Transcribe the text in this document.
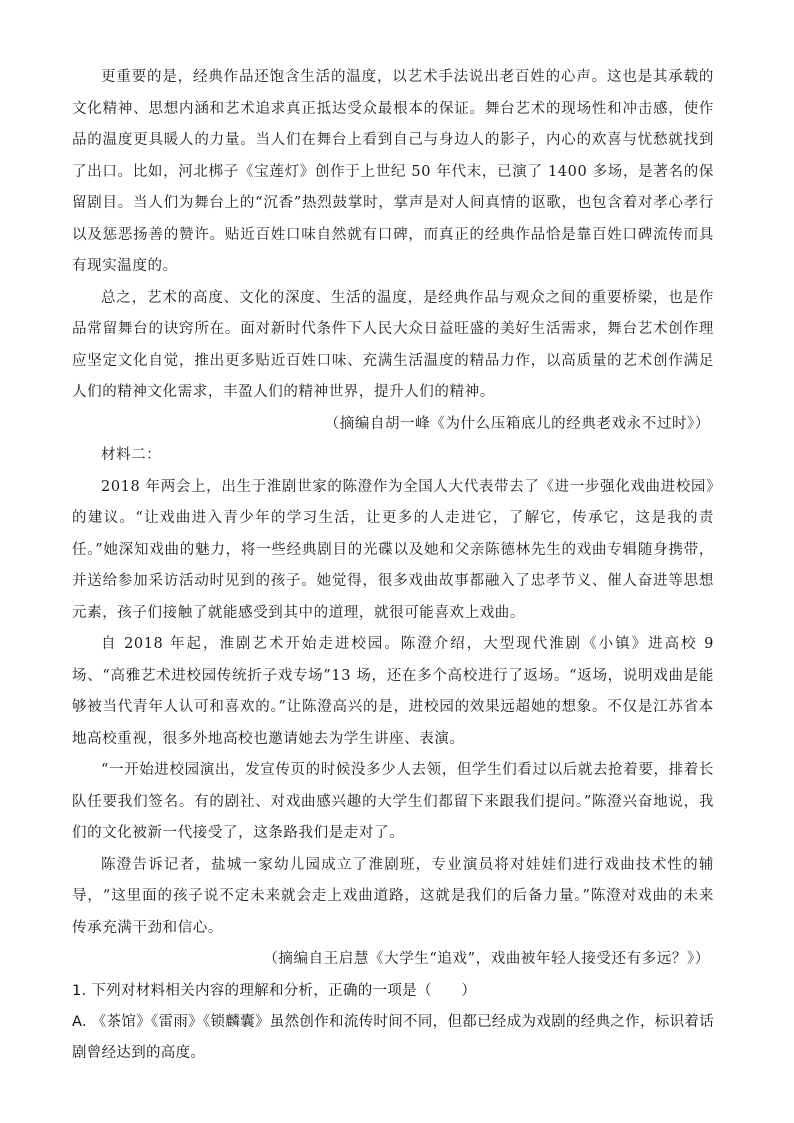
更重要的是，经典作品还饱含生活的温度，以艺术手法说出老百姓的心声。这也是其承载的文化精神、思想内涵和艺术追求真正抵达受众最根本的保证。舞台艺术的现场性和冲击感，使作品的温度更具暖人的力量。当人们在舞台上看到自己与身边人的影子，内心的欢喜与忧愁就找到了出口。比如，河北梆子《宝莲灯》创作于上世纪 50 年代末，已演了 1400 多场，是著名的保留剧目。当人们为舞台上的“沉香”热烈鼓掌时，掌声是对人间真情的讴歌，也包含着对孝心孝行以及惩恶扬善的赞许。贴近百姓口味自然就有口碑，而真正的经典作品恰是靠百姓口碑流传而具有现实温度的。

总之，艺术的高度、文化的深度、生活的温度，是经典作品与观众之间的重要桥梁，也是作品常留舞台的诀窍所在。面对新时代条件下人民大众日益旺盛的美好生活需求，舞台艺术创作理应坚定文化自觉，推出更多贴近百姓口味、充满生活温度的精品力作，以高质量的艺术创作满足人们的精神文化需求，丰盈人们的精神世界，提升人们的精神。

（摘编自胡一峰《为什么压箱底儿的经典老戏永不过时》）

材料二：

2018 年两会上，出生于淮剧世家的陈澄作为全国人大代表带去了《进一步强化戏曲进校园》的建议。“让戏曲进入青少年的学习生活，让更多的人走进它，了解它，传承它，这是我的责任。”她深知戏曲的魅力，将一些经典剧目的光碟以及她和父亲陈德林先生的戏曲专辑随身携带，并送给参加采访活动时见到的孩子。她觉得，很多戏曲故事都融入了忠孝节义、催人奋进等思想元素，孩子们接触了就能感受到其中的道理，就很可能喜欢上戏曲。

自 2018 年起，淮剧艺术开始走进校园。陈澄介绍，大型现代淮剧《小镇》进高校 9 场、“高雅艺术进校园传统折子戏专场”13 场，还在多个高校进行了返场。“返场，说明戏曲是能够被当代青年人认可和喜欢的。”让陈澄高兴的是，进校园的效果远超她的想象。不仅是江苏省本地高校重视，很多外地高校也邀请她去为学生讲座、表演。

“一开始进校园演出，发宣传页的时候没多少人去领，但学生们看过以后就去抢着要，排着长队任要我们签名。有的剧社、对戏曲感兴趣的大学生们都留下来跟我们提问。”陈澄兴奋地说，我们的文化被新一代接受了，这条路我们是走对了。

陈澄告诉记者，盐城一家幼儿园成立了淮剧班，专业演员将对娃娃们进行戏曲技术性的辅导，“这里面的孩子说不定未来就会走上戏曲道路，这就是我们的后备力量。”陈澄对戏曲的未来传承充满干劲和信心。

（摘编自王启慧《大学生“追戏”，戏曲被年轻人接受还有多远？》）

1. 下列对材料相关内容的理解和分析，正确的一项是（　　）

A. 《茶馆》《雷雨》《锁麟囊》虽然创作和流传时间不同，但都已经成为戏剧的经典之作，标识着话剧曾经达到的高度。
